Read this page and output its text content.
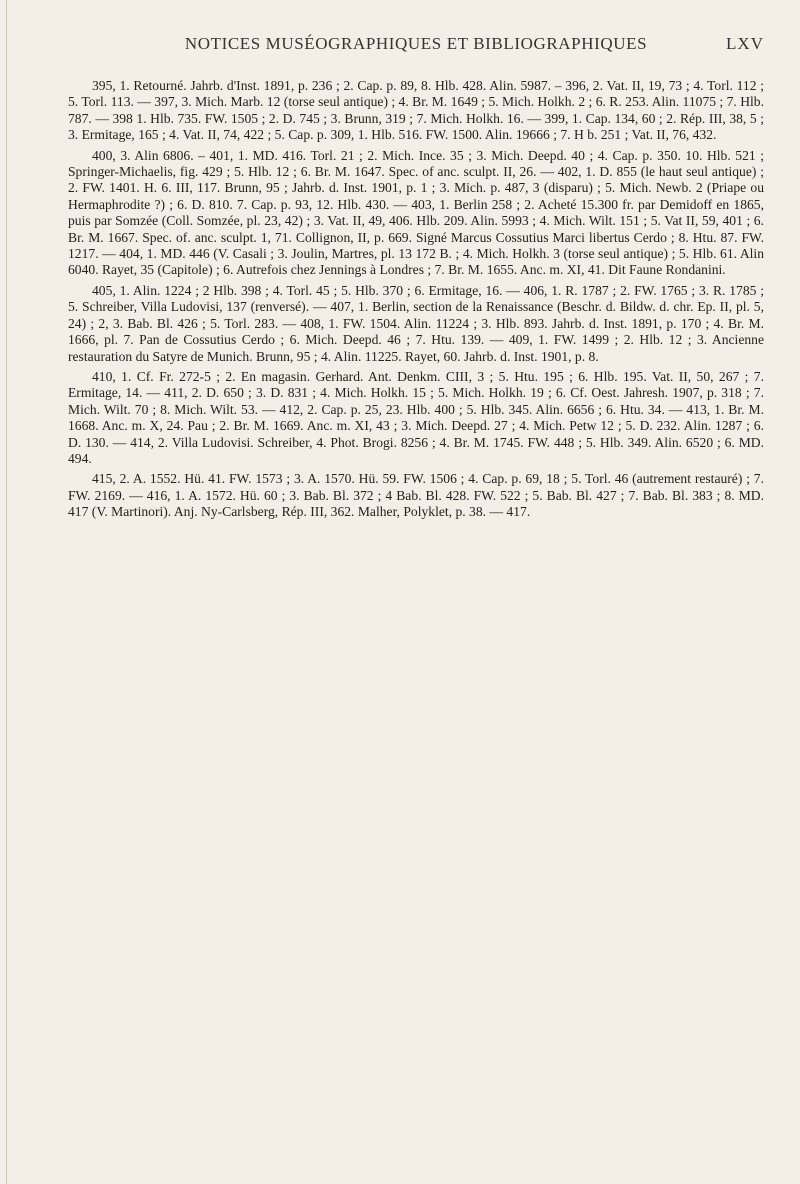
NOTICES MUSÉOGRAPHIQUES ET BIBLIOGRAPHIQUES	LXV

395, 1. Retourné. Jahrb. d'Inst. 1891, p. 236 ; 2. Cap. p. 89, 8. Hlb. 428. Alin. 5987. – 396, 2. Vat. II, 19, 73 ; 4. Torl. 112 ; 5. Torl. 113. — 397, 3. Mich. Marb. 12 (torse seul antique) ; 4. Br. M. 1649 ; 5. Mich. Holkh. 2 ; 6. R. 253. Alin. 11075 ; 7. Hlb. 787. — 398 1. Hlb. 735. FW. 1505 ; 2. D. 745 ; 3. Brunn, 319 ; 7. Mich. Holkh. 16. — 399, 1. Cap. 134, 60 ; 2. Rép. III, 38, 5 ; 3. Ermitage, 165 ; 4. Vat. II, 74, 422 ; 5. Cap. p. 309, 1. Hlb. 516. FW. 1500. Alin. 19666 ; 7. H b. 251 ; Vat. II, 76, 432.

400, 3. Alin 6806. – 401, 1. MD. 416. Torl. 21 ; 2. Mich. Ince. 35 ; 3. Mich. Deepd. 40 ; 4. Cap. p. 350. 10. Hlb. 521 ; Springer-Michaelis, fig. 429 ; 5. Hlb. 12 ; 6. Br. M. 1647. Spec. of anc. sculpt. II, 26. — 402, 1. D. 855 (le haut seul antique) ; 2. FW. 1401. H. 6. III, 117. Brunn, 95 ; Jahrb. d. Inst. 1901, p. 1 ; 3. Mich. p. 487, 3 (disparu) ; 5. Mich. Newb. 2 (Priape ou Hermaphrodite ?) ; 6. D. 810. 7. Cap. p. 93, 12. Hlb. 430. — 403, 1. Berlin 258 ; 2. Acheté 15.300 fr. par Demidoff en 1865, puis par Somzée (Coll. Somzée, pl. 23, 42) ; 3. Vat. II, 49, 406. Hlb. 209. Alin. 5993 ; 4. Mich. Wilt. 151 ; 5. Vat II, 59, 401 ; 6. Br. M. 1667. Spec. of. anc. sculpt. 1, 71. Collignon, II, p. 669. Signé Marcus Cossutius Marci libertus Cerdo ; 8. Htu. 87. FW. 1217. — 404, 1. MD. 446 (V. Casali ; 3. Joulin, Martres, pl. 13 172 B. ; 4. Mich. Holkh. 3 (torse seul antique) ; 5. Hlb. 61. Alin 6040. Rayet, 35 (Capitole) ; 6. Autrefois chez Jennings à Londres ; 7. Br. M. 1655. Anc. m. XI, 41. Dit Faune Rondanini.

405, 1. Alin. 1224 ; 2 Hlb. 398 ; 4. Torl. 45 ; 5. Hlb. 370 ; 6. Ermitage, 16. — 406, 1. R. 1787 ; 2. FW. 1765 ; 3. R. 1785 ; 5. Schreiber, Villa Ludovisi, 137 (renversé). — 407, 1. Berlin, section de la Renaissance (Beschr. d. Bildw. d. chr. Ep. II, pl. 5, 24) ; 2, 3. Bab. Bl. 426 ; 5. Torl. 283. — 408, 1. FW. 1504. Alin. 11224 ; 3. Hlb. 893. Jahrb. d. Inst. 1891, p. 170 ; 4. Br. M. 1666, pl. 7. Pan de Cossutius Cerdo ; 6. Mich. Deepd. 46 ; 7. Htu. 139. — 409, 1. FW. 1499 ; 2. Hlb. 12 ; 3. Ancienne restauration du Satyre de Munich. Brunn, 95 ; 4. Alin. 11225. Rayet, 60. Jahrb. d. Inst. 1901, p. 8.

410, 1. Cf. Fr. 272-5 ; 2. En magasin. Gerhard. Ant. Denkm. CIII, 3 ; 5. Htu. 195 ; 6. Hlb. 195. Vat. II, 50, 267 ; 7. Ermitage, 14. — 411, 2. D. 650 ; 3. D. 831 ; 4. Mich. Holkh. 15 ; 5. Mich. Holkh. 19 ; 6. Cf. Oest. Jahresh. 1907, p. 318 ; 7. Mich. Wilt. 70 ; 8. Mich. Wilt. 53. — 412, 2. Cap. p. 25, 23. Hlb. 400 ; 5. Hlb. 345. Alin. 6656 ; 6. Htu. 34. — 413, 1. Br. M. 1668. Anc. m. X, 24. Pau ; 2. Br. M. 1669. Anc. m. XI, 43 ; 3. Mich. Deepd. 27 ; 4. Mich. Petw 12 ; 5. D. 232. Alin. 1287 ; 6. D. 130. — 414, 2. Villa Ludovisi. Schreiber, 4. Phot. Brogi. 8256 ; 4. Br. M. 1745. FW. 448 ; 5. Hlb. 349. Alin. 6520 ; 6. MD. 494.

415, 2. A. 1552. Hü. 41. FW. 1573 ; 3. A. 1570. Hü. 59. FW. 1506 ; 4. Cap. p. 69, 18 ; 5. Torl. 46 (autrement restauré) ; 7. FW. 2169. — 416, 1. A. 1572. Hü. 60 ; 3. Bab. Bl. 372 ; 4 Bab. Bl. 428. FW. 522 ; 5. Bab. Bl. 427 ; 7. Bab. Bl. 383 ; 8. MD. 417 (V. Martinori). Anj. Ny-Carlsberg, Rép. III, 362. Malher, Polyklet, p. 38. — 417.
